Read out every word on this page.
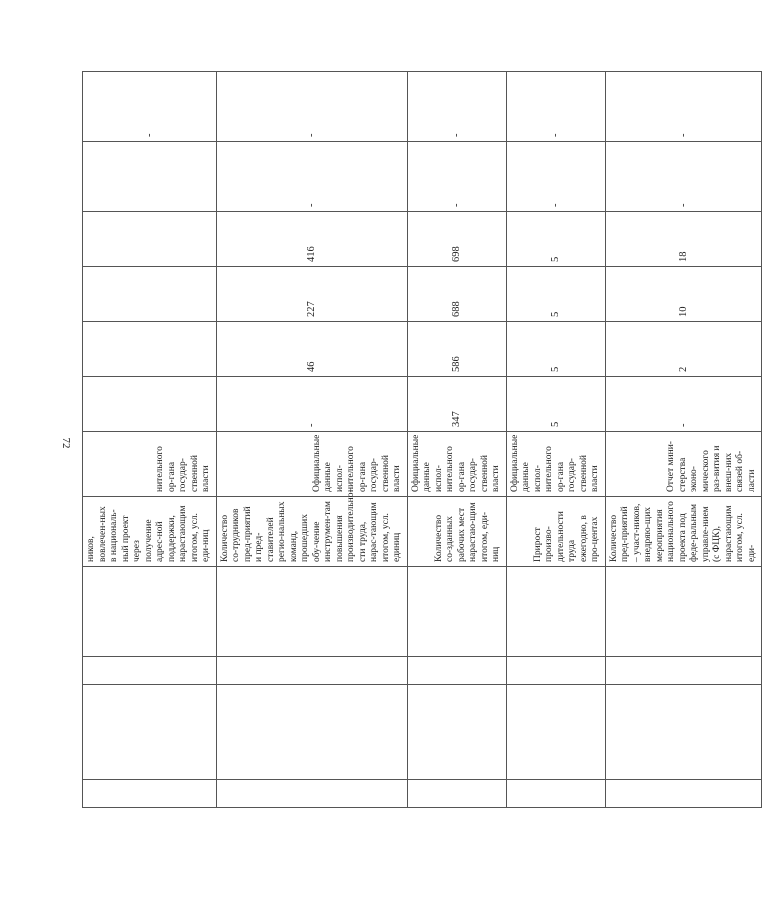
72
				ников, вовлечен-ных в националь-ный проект через получение адрес-ной поддержки, нарастающим итогом, усл. еди-ниц	нительного ор-гана государ-ственной власти						-
				Количество со-трудников пред-приятий и пред-ставителей регио-нальных команд, прошедших обу-чение инструмен-там повышения производительно-сти труда, нарас-тающим итогом, усл. единиц	Официальные данные испол-нительного ор-гана государ-ственной власти	-	46	227	416	-	-
				Количество со-зданных рабочих мест нарастаю-щим итогом, еди-ниц	Официальные данные испол-нительного ор-гана государ-ственной власти	347	586	688	698	-	-
				Прирост произво-дительности труда ежегодно, в про-центах	Официальные данные испол-нительного ор-гана государ-ственной власти	5	5	5	5	-	-
				Количество пред-приятий – участ-ников, внедряю-щих мероприятия национального проекта под феде-ральным управле-нием (с ФЦК), нарастающим итогом, усл. еди-	Отчет мини-стерства эконо-мического раз-вития и внеш-них связей об-ласти	-	2	10	18	-	-
